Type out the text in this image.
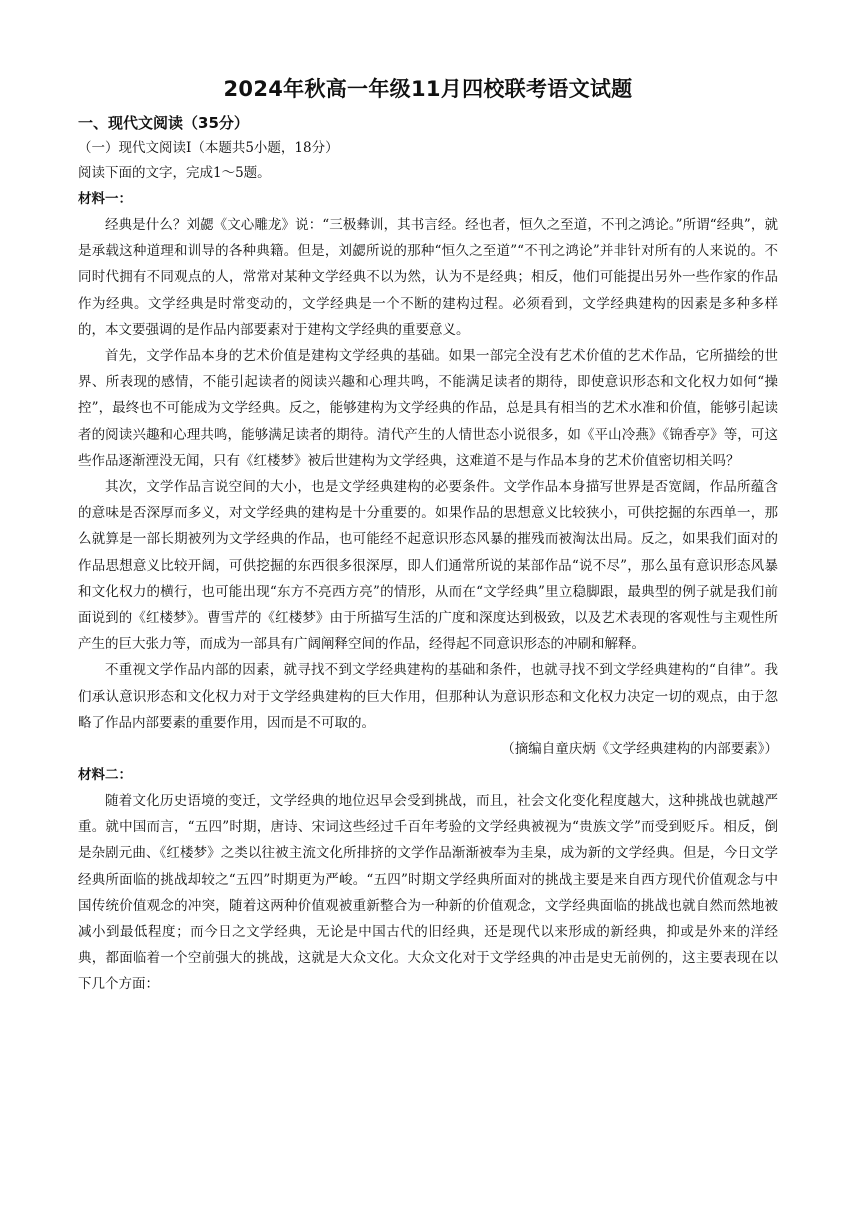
2024年秋高一年级11月四校联考语文试题

一、现代文阅读（35分）

（一）现代文阅读Ⅰ（本题共5小题，18分）

阅读下面的文字，完成1～5题。

材料一：

经典是什么？刘勰《文心雕龙》说：“三极彝训，其书言经。经也者，恒久之至道，不刊之鸿论。”所谓“经典”，就是承载这种道理和训导的各种典籍。但是，刘勰所说的那种“恒久之至道”“不刊之鸿论”并非针对所有的人来说的。不同时代拥有不同观点的人，常常对某种文学经典不以为然，认为不是经典；相反，他们可能提出另外一些作家的作品作为经典。文学经典是时常变动的，文学经典是一个不断的建构过程。必须看到，文学经典建构的因素是多种多样的，本文要强调的是作品内部要素对于建构文学经典的重要意义。

首先，文学作品本身的艺术价值是建构文学经典的基础。如果一部完全没有艺术价值的艺术作品，它所描绘的世界、所表现的感情，不能引起读者的阅读兴趣和心理共鸣，不能满足读者的期待，即使意识形态和文化权力如何“操控”，最终也不可能成为文学经典。反之，能够建构为文学经典的作品，总是具有相当的艺术水准和价值，能够引起读者的阅读兴趣和心理共鸣，能够满足读者的期待。清代产生的人情世态小说很多，如《平山冷燕》《锦香亭》等，可这些作品逐渐湮没无闻，只有《红楼梦》被后世建构为文学经典，这难道不是与作品本身的艺术价值密切相关吗？

其次，文学作品言说空间的大小，也是文学经典建构的必要条件。文学作品本身描写世界是否宽阔，作品所蕴含的意味是否深厚而多义，对文学经典的建构是十分重要的。如果作品的思想意义比较狭小，可供挖掘的东西单一，那么就算是一部长期被列为文学经典的作品，也可能经不起意识形态风暴的摧残而被淘汰出局。反之，如果我们面对的作品思想意义比较开阔，可供挖掘的东西很多很深厚，即人们通常所说的某部作品“说不尽”，那么虽有意识形态风暴和文化权力的横行，也可能出现“东方不亮西方亮”的情形，从而在“文学经典”里立稳脚跟，最典型的例子就是我们前面说到的《红楼梦》。曹雪芹的《红楼梦》由于所描写生活的广度和深度达到极致，以及艺术表现的客观性与主观性所产生的巨大张力等，而成为一部具有广阔阐释空间的作品，经得起不同意识形态的冲刷和解释。

不重视文学作品内部的因素，就寻找不到文学经典建构的基础和条件，也就寻找不到文学经典建构的“自律”。我们承认意识形态和文化权力对于文学经典建构的巨大作用，但那种认为意识形态和文化权力决定一切的观点，由于忽略了作品内部要素的重要作用，因而是不可取的。

（摘编自童庆炳《文学经典建构的内部要素》）

材料二：

随着文化历史语境的变迁，文学经典的地位迟早会受到挑战，而且，社会文化变化程度越大，这种挑战也就越严重。就中国而言，“五四”时期，唐诗、宋词这些经过千百年考验的文学经典被视为“贵族文学”而受到贬斥。相反，倒是杂剧元曲、《红楼梦》之类以往被主流文化所排挤的文学作品渐渐被奉为圭臬，成为新的文学经典。但是，今日文学经典所面临的挑战却较之“五四”时期更为严峻。“五四”时期文学经典所面对的挑战主要是来自西方现代价值观念与中国传统价值观念的冲突，随着这两种价值观被重新整合为一种新的价值观念，文学经典面临的挑战也就自然而然地被减小到最低程度；而今日之文学经典，无论是中国古代的旧经典，还是现代以来形成的新经典，抑或是外来的洋经典，都面临着一个空前强大的挑战，这就是大众文化。大众文化对于文学经典的冲击是史无前例的，这主要表现在以下几个方面：
